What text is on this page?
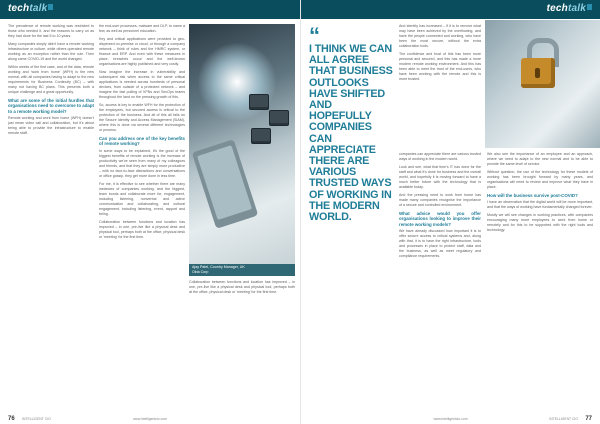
techtalk

The prevalence of remote working was restricted to those who needed it, and the reasons to carry on as they had done for the last 5 to 10 years.

Many companies simply didn't have a remote working infrastructure or culture, while others operated remote working as an exception rather than the rule. Then along came COVID-19 and the world changed.

Within weeks of the first case, and of the data, remote working and 'work from home' (WFH) is the new normal, with all companies having to adapt to the new requirements for Business Continuity (BC) – with many not having BC plans. This presents both a unique challenge and a great opportunity.

What are some of the initial hurdles that organisations need to overcome to adapt to a remote working model?

Remote working and work from home (WFH) doesn't just mean video call and collaboration, but it's about being able to provide the infrastructure to enable remote staff.

the end-user processes, malware and DLP, to name a few, as well as personnel education.

Key and critical applications were provided to geo-dispersed on-premise or cloud, or through a company network – think of rules and the HMRC system, or finance and ERP. And even with these measures in place, breaches occur and the well-known organisations are highly published and very costly.

Now imagine the increase in vulnerability and subsequent risk when access to the same critical applications is needed across hundreds of personal devices, from outside of a protected network – and imagine the fast pulling of VPNs and SecOps teams throughout the land on the pressing growth of this.

So, access is key to enable WFH for the protection of the employees, but secured access is critical to the protection of the business. And all of this all falls on the Secure Identity and Access Management (SIAM), where this is done via several different technologies or process.

Can you address one of the key benefits of remote working?

In some ways to be explained, it's the good of the biggest benefits of remote working is the increase of productivity we've seen from many of my colleagues and friends, and that they are simply more productive – with no face-to-face distractions and conversations or office gossip, they get more done in less time.

For me, it is effective to see whether there are many instances of companies working, and the biggest, team bonds and collaborate more for, engagement, including listening, nonverbal and active communication and collaborating, and cultural engagement, including listening, event, rapport and being.

Collaboration between functions and location has improved – in one, pre-live like a physical desk and physical tool, perhaps both at the office, physical desk or 'meeting' for the first time.

Ajay Patel, Country Manager, UK
Okta Corp

Collaboration between functions and location has improved – in one, pre-live like a physical desk and physical tool, perhaps both at the office, physical desk or 'meeting' for the first time.

76 INTELLIGENT CIO	www.intelligentcio.com
techtalk
“
I THINK WE CAN ALL AGREE THAT BUSINESS OUTLOOKS HAVE SHIFTED AND HOPEFULLY COMPANIES CAN APPRECIATE THERE ARE VARIOUS TRUSTED WAYS OF WORKING IN THE MODERN WORLD.

And identity has increased – if it is to remove what may have been achieved by the overflowing, and have the people connected and working, who have been the most secure, without the extra collaboration tools.

The confidence and trust of this has been more personal and secured, and this has made a more modern remote working environment. And this has been able to meet the trust of the end-users, who have been working with the remote and this is more trusted.

companies can appreciate there are various trusted ways of working in the modern world.

Look and see, what that time's IT has done for the staff and what it's done for business and the overall world, and hopefully it is moving forward to have a much better future with the technology that is available today.

And the pressing need to work from home has made many companies recognise the importance of a secure and controlled environment.

What advice would you offer organisations looking to improve their remote working models?

We have already discussed how important it is to offer secure access to critical systems and, along with that, it is to have the right infrastructure, tools and processes in place to protect staff, data and the business, as well as meet regulatory and compliance requirements.

We also see the importance of an employee and an approach, where we need to adapt to the new normal and to be able to provide the same level of service.

Without question, the use of the technology for these models of working has been brought forward by many years, and organisations will need to review and improve what they have in place.

How will the business survive post-COVID?

I have an observation that the digital world will be more important, and that the ways of working have fundamentally changed forever.

Mostly we will see changes in working practices, with companies encouraging many more employees to work from home or remotely and for this to be supported with the right tools and technology.

www.intelligentcio.com	INTELLIGENT CIO 77
